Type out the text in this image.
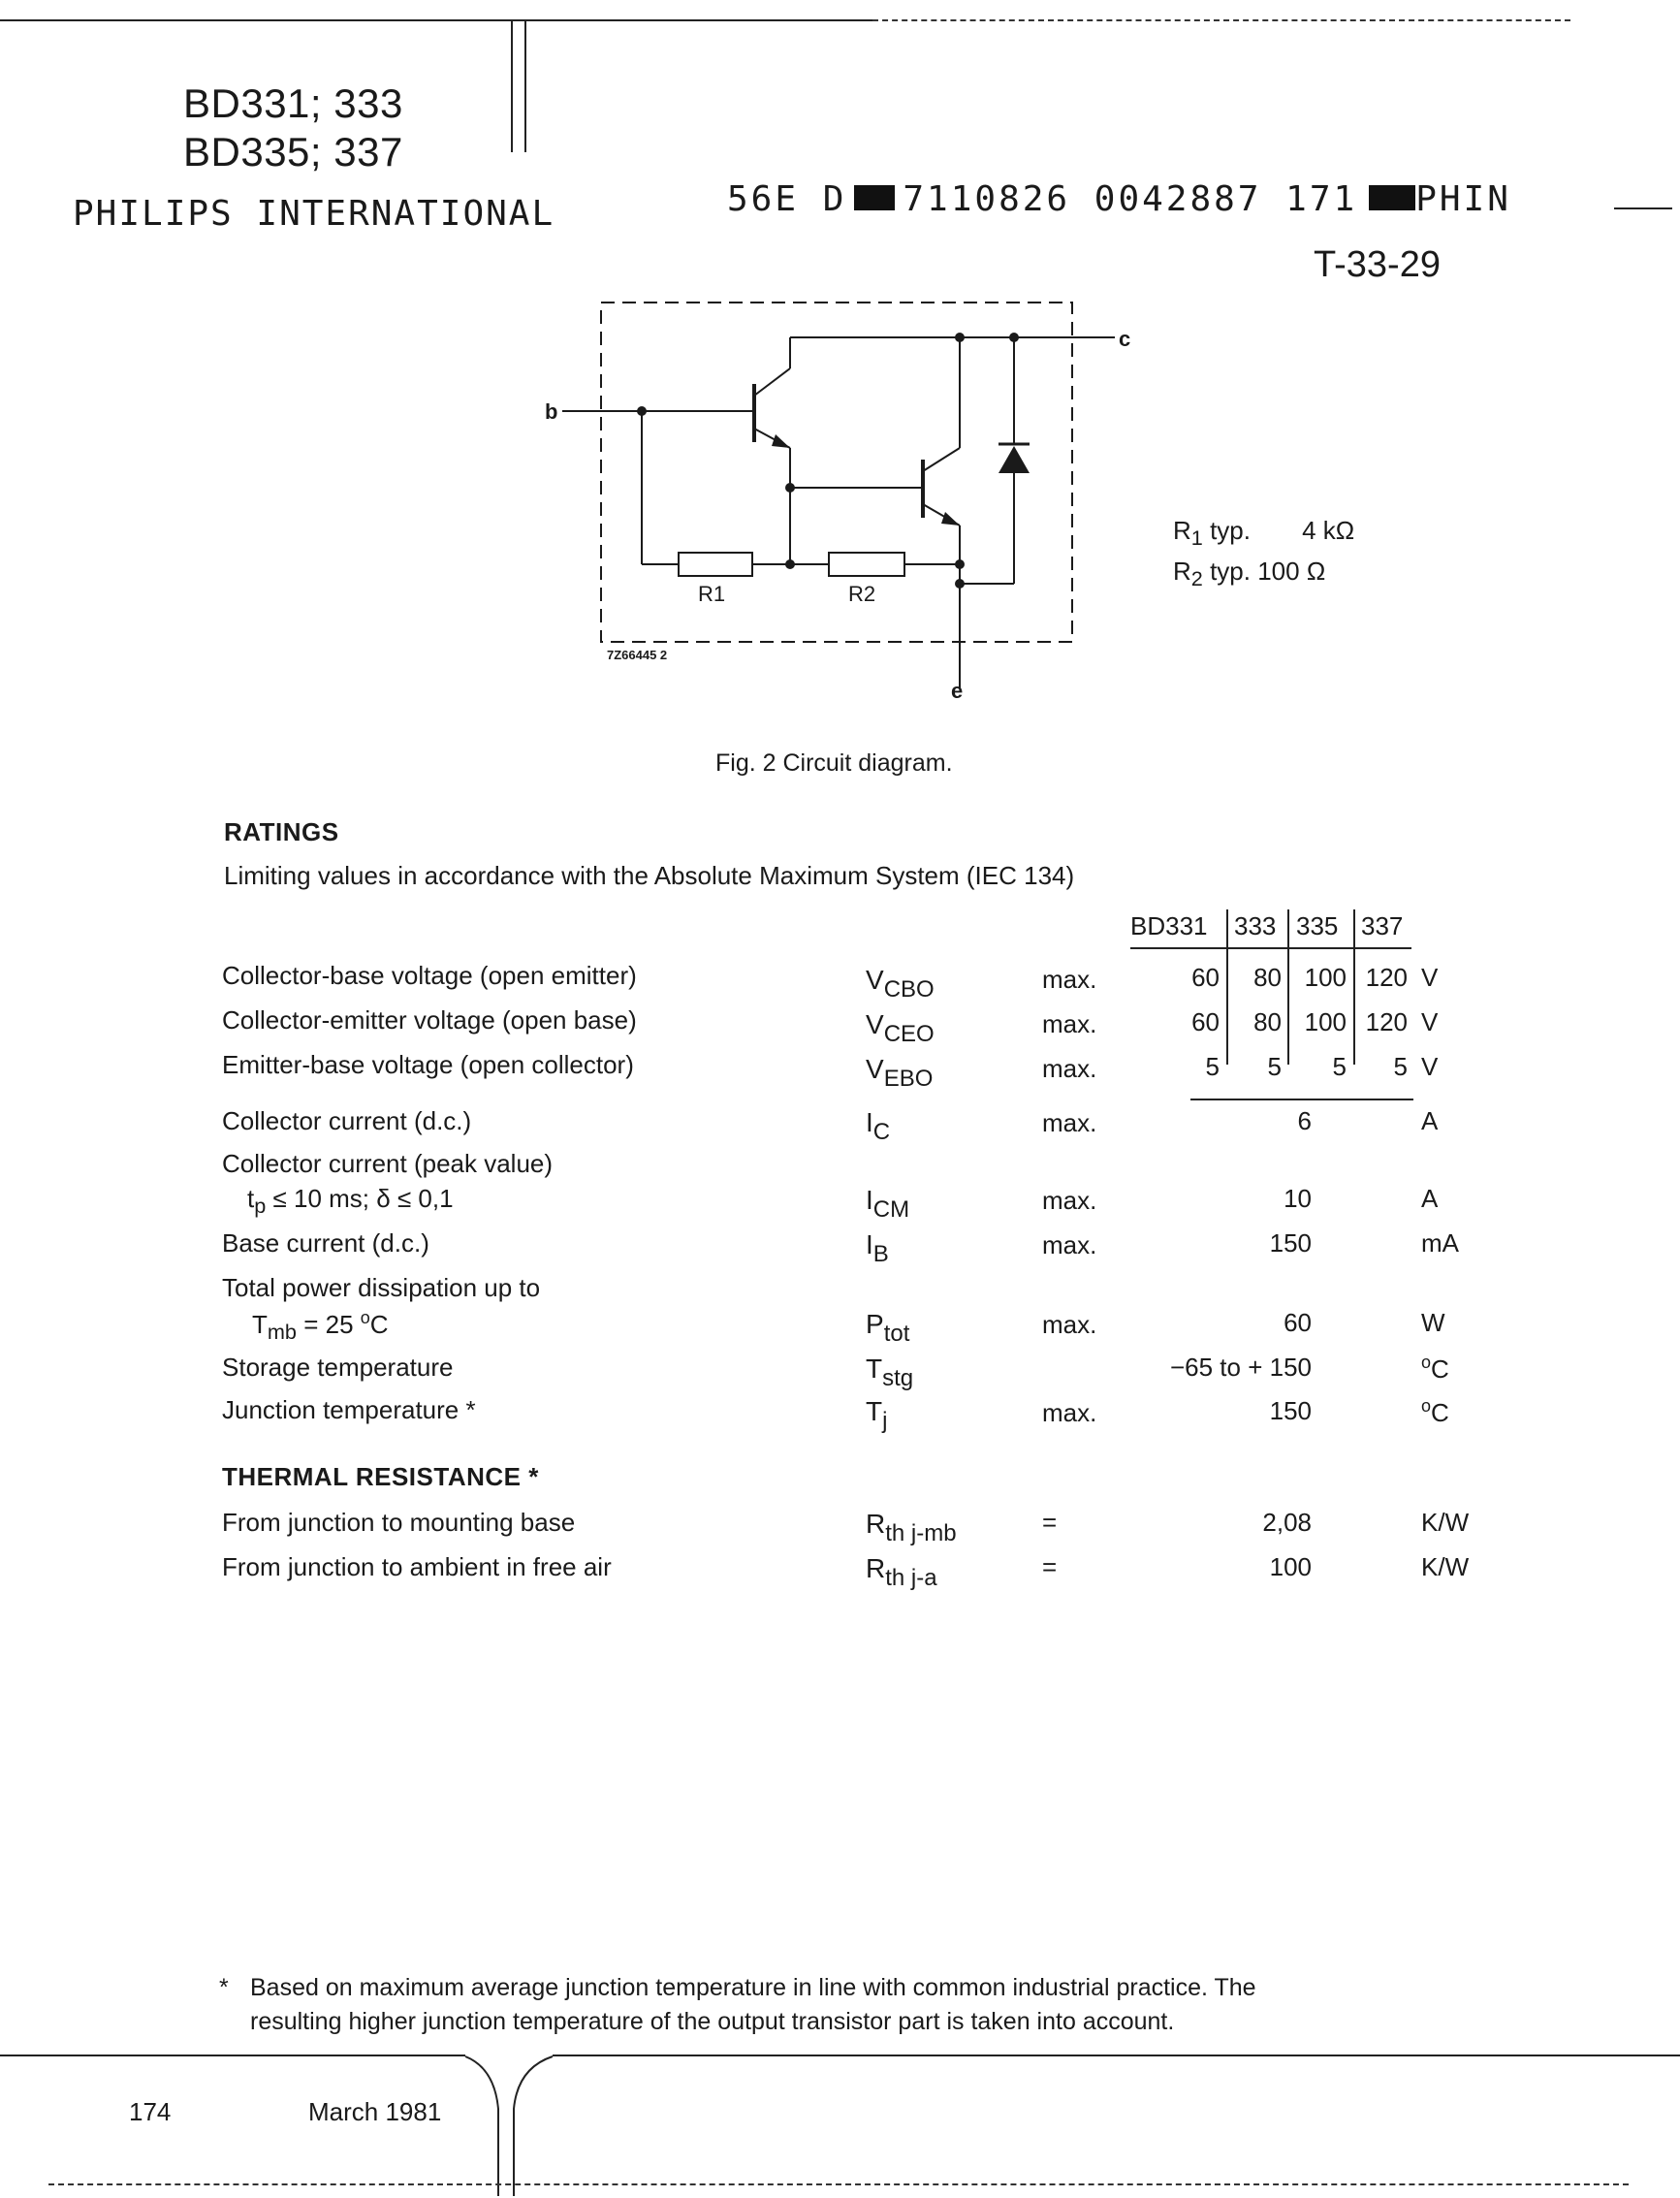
BD331; 333
BD335; 337
PHILIPS INTERNATIONAL	56E D 7110826 0042887 171 PHIN
T-33-29
b
c
e
R1	R2
7Z66445 2
$R_1$ typ. 4 kΩ
$R_2$ typ. 100 Ω
Fig. 2 Circuit diagram.
RATINGS
Limiting values in accordance with the Absolute Maximum System (IEC 134)
BD331 333 335 337
Collector-base voltage (open emitter)	$V_{CBO}$	max.	60	80 100 120 V
Collector-emitter voltage (open base)	$V_{CEO}$	max.	60	80 100 120 V
Emitter-base voltage (open collector)	$V_{EBO}$	max.	5	5	5	5 V
Collector current (d.c.)	$I_C$	max.	6	A
Collector current (peak value)
$t_p \le 10$ ms; δ ≤ 0,1	$I_{CM}$	max.	10	A
Base current (d.c.)	$I_B$	max.	150	mA
Total power dissipation up to
$T_{mb} = 25$ $^o$C	$P_{tot}$	max.	60	W
Storage temperature	$T_{stg}$	−65 to + 150	$^o$C
Junction temperature *	$T_j$	max.	150	$^o$C
THERMAL RESISTANCE *
From junction to mounting base	$R_{th j-mb}$	=	2,08	K/W
From junction to ambient in free air	$R_{th j-a}$	=	100	K/W
* Based on maximum average junction temperature in line with common industrial practice. The
resulting higher junction temperature of the output transistor part is taken into account.
174	March 1981
